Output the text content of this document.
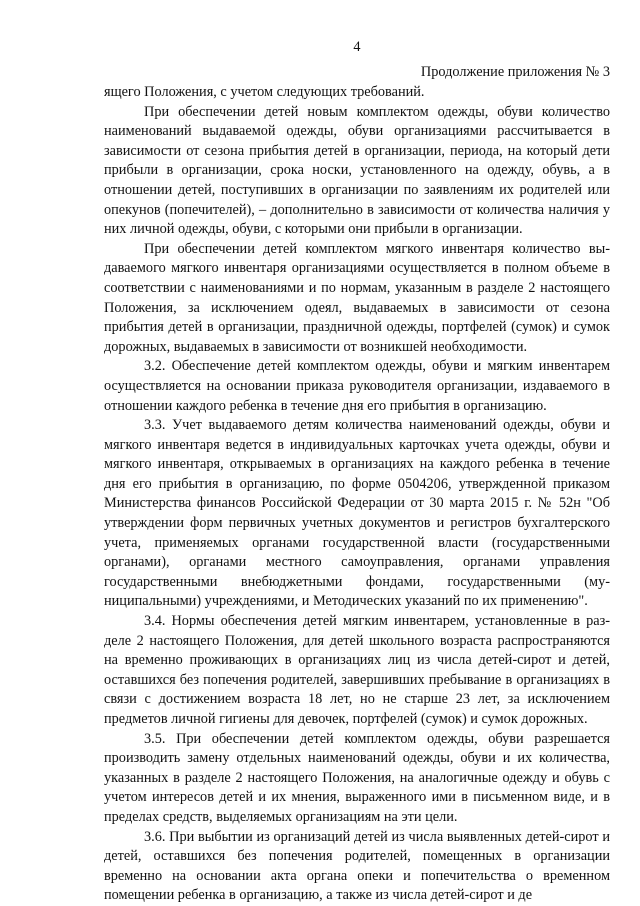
4
Продолжение приложения № 3

ящего Положения, с учетом следующих требований.

При обеспечении детей новым комплектом одежды, обуви количество наименований выдаваемой одежды, обуви организациями рассчитывается в зависимости от сезона прибытия детей в организации, периода, на который дети прибыли в организации, срока носки, установленного на одежду, обувь, а в отношении детей, поступивших в организации по заявлениям их родителей или опекунов (попечителей), – дополнительно в зависимости от количества наличия у них личной одежды, обуви, с которыми они прибыли в организации.

При обеспечении детей комплектом мягкого инвентаря количество выдаваемого мягкого инвентаря организациями осуществляется в полном объеме в соответствии с наименованиями и по нормам, указанным в разделе 2 настоящего Положения, за исключением одеял, выдаваемых в зависимости от сезона прибытия детей в организации, праздничной одежды, портфелей (сумок) и сумок дорожных, выдаваемых в зависимости от возникшей необходимости.

3.2. Обеспечение детей комплектом одежды, обуви и мягким инвентарем осуществляется на основании приказа руководителя организации, издаваемого в отношении каждого ребенка в течение дня его прибытия в организацию.

3.3. Учет выдаваемого детям количества наименований одежды, обуви и мягкого инвентаря ведется в индивидуальных карточках учета одежды, обуви и мягкого инвентаря, открываемых в организациях на каждого ребенка в течение дня его прибытия в организацию, по форме 0504206, утвержденной приказом Министерства финансов Российской Федерации от 30 марта 2015 г. № 52н "Об утверждении форм первичных учетных документов и регистров бухгалтерского учета, применяемых органами государственной власти (государственными органами), органами местного самоуправления, органами управления государственными внебюджетными фондами, государственными (муниципальными) учреждениями, и Методических указаний по их применению".

3.4. Нормы обеспечения детей мягким инвентарем, установленные в разделе 2 настоящего Положения, для детей школьного возраста распространяются на временно проживающих в организациях лиц из числа детей-сирот и детей, оставшихся без попечения родителей, завершивших пребывание в организациях в связи с достижением возраста 18 лет, но не старше 23 лет, за исключением предметов личной гигиены для девочек, портфелей (сумок) и сумок дорожных.

3.5. При обеспечении детей комплектом одежды, обуви разрешается производить замену отдельных наименований одежды, обуви и их количества, указанных в разделе 2 настоящего Положения, на аналогичные одежду и обувь с учетом интересов детей и их мнения, выраженного ими в письменном виде, и в пределах средств, выделяемых организациям на эти цели.

3.6. При выбытии из организаций детей из числа выявленных детей-сирот и детей, оставшихся без попечения родителей, помещенных в организации временно на основании акта органа опеки и попечительства о временном помещении ребенка в организацию, а также из числа детей-сирот и де
